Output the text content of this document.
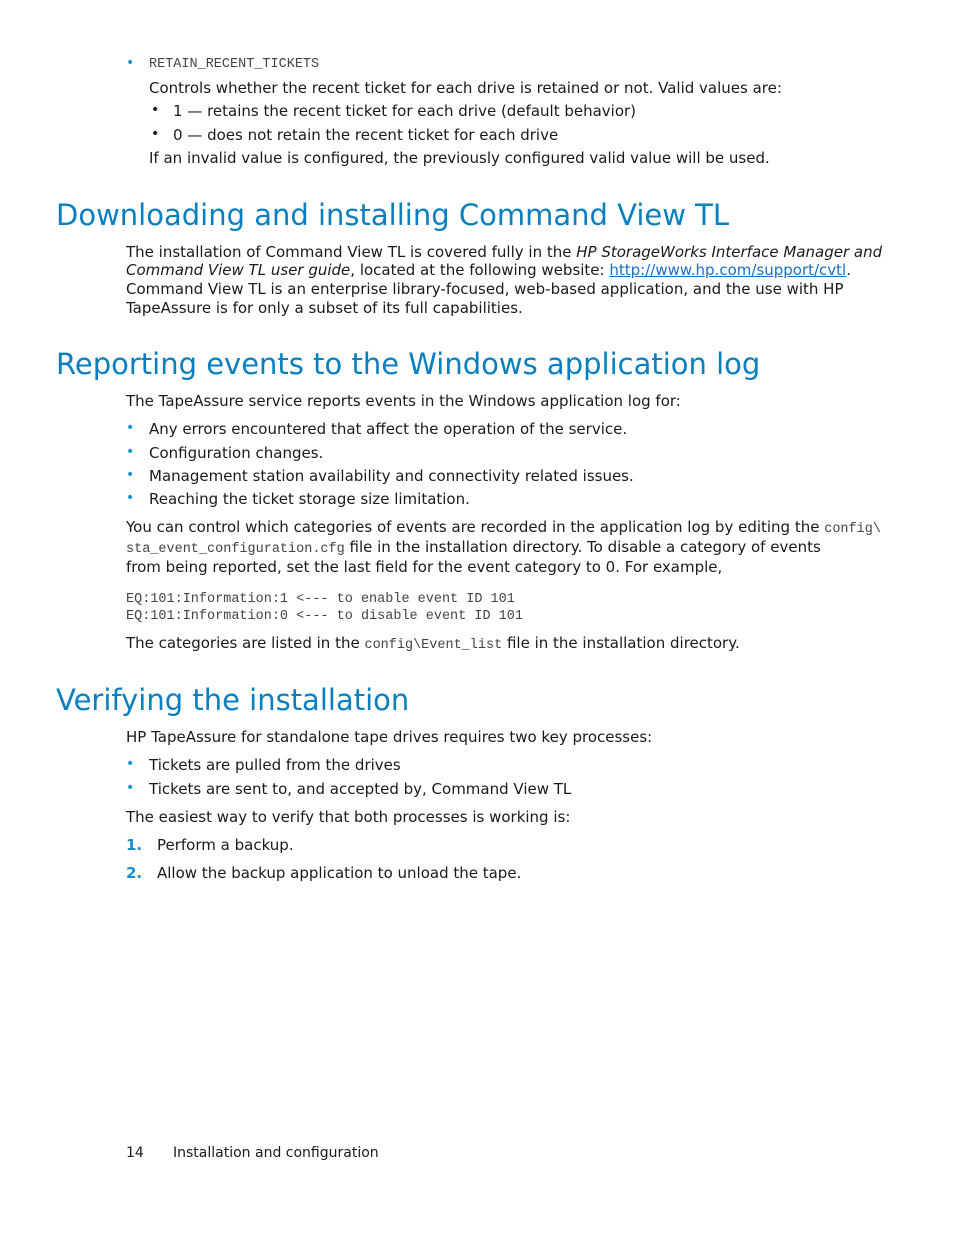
• RETAIN_RECENT_TICKETS
Controls whether the recent ticket for each drive is retained or not. Valid values are:
• 1 — retains the recent ticket for each drive (default behavior)
• 0 — does not retain the recent ticket for each drive
If an invalid value is configured, the previously configured valid value will be used.
Downloading and installing Command View TL
The installation of Command View TL is covered fully in the HP StorageWorks Interface Manager and
Command View TL user guide, located at the following website: http://www.hp.com/support/cvtl.
Command View TL is an enterprise library-focused, web-based application, and the use with HP
TapeAssure is for only a subset of its full capabilities.
Reporting events to the Windows application log
The TapeAssure service reports events in the Windows application log for:
• Any errors encountered that affect the operation of the service.
• Configuration changes.
• Management station availability and connectivity related issues.
• Reaching the ticket storage size limitation.
You can control which categories of events are recorded in the application log by editing the config\
sta_event_configuration.cfg file in the installation directory. To disable a category of events
from being reported, set the last field for the event category to 0. For example,
EQ:101:Information:1 <--- to enable event ID 101
EQ:101:Information:0 <--- to disable event ID 101
The categories are listed in the config\Event_list file in the installation directory.
Verifying the installation
HP TapeAssure for standalone tape drives requires two key processes:
• Tickets are pulled from the drives
• Tickets are sent to, and accepted by, Command View TL
The easiest way to verify that both processes is working is:
1. Perform a backup.
2. Allow the backup application to unload the tape.
14 Installation and configuration
